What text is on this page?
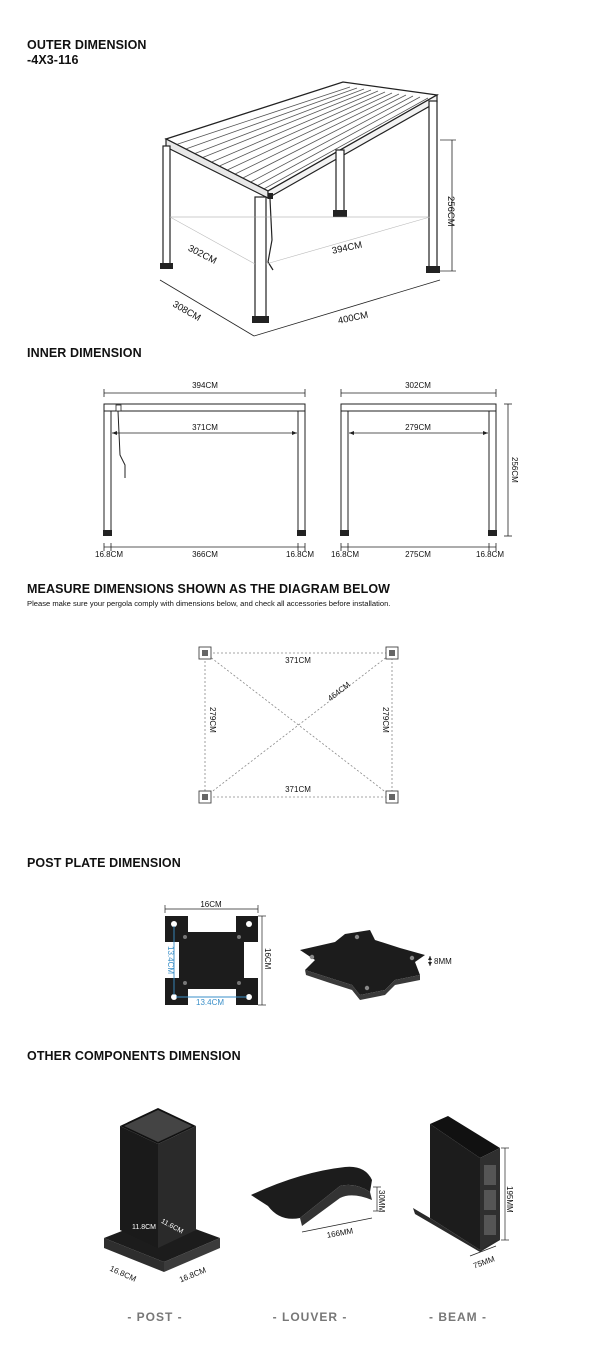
OUTER DIMENSION
-4X3-116
256CM
302CM	394CM
308CM	400CM
INNER DIMENSION
394CM
371CM
16.8CM	366CM	16.8CM
302CM
279CM
256CM
16.8CM	275CM	16.8CM
MEASURE DIMENSIONS SHOWN AS THE DIAGRAM BELOW
Please make sure your pergola comply with dimensions below, and check all accessories before installation.
371CM
371CM
279CM	279CM
464CM
POST PLATE DIMENSION
16CM
16CM
13.4CM
13.4CM	8MM
OTHER COMPONENTS DIMENSION
11.8CM 11.6CM
16.8CM	16.8CM
166MM
30MM	195MM
75MM
- POST -	- LOUVER -	- BEAM -
